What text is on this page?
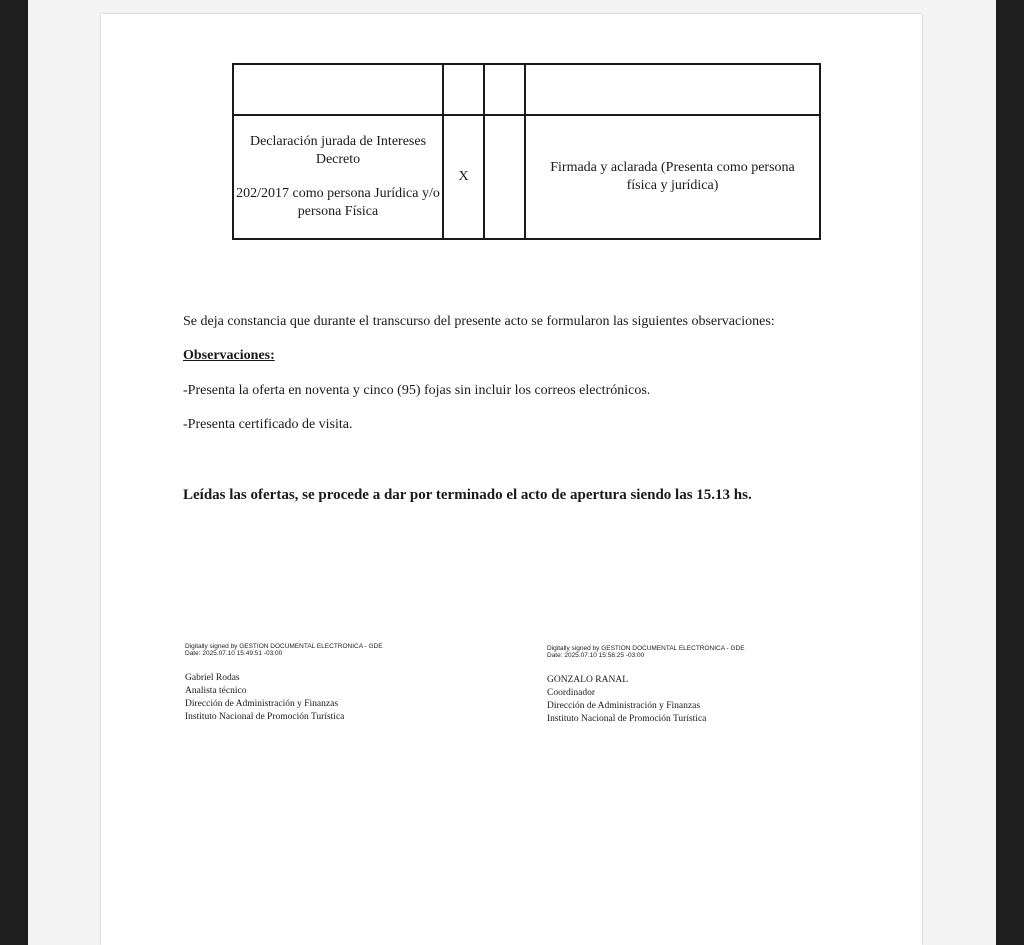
Declaración jurada de Intereses Decreto

202/2017 como persona Jurídica y/o persona Física	X		Firmada y aclarada (Presenta como persona física y jurídica)

Se deja constancia que durante el transcurso del presente acto se formularon las siguientes observaciones:

Observaciones:

-Presenta la oferta en noventa y cinco (95) fojas sin incluir los correos electrónicos.

-Presenta certificado de visita.

Leídas las ofertas, se procede a dar por terminado el acto de apertura siendo las 15.13 hs.

Digitally signed by GESTION DOCUMENTAL ELECTRONICA - GDE
Date: 2025.07.10 15:49:51 -03:00
Gabriel Rodas
Analista técnico
Dirección de Administración y Finanzas
Instituto Nacional de Promoción Turística
Digitally signed by GESTION DOCUMENTAL ELECTRONICA - GDE
Date: 2025.07.10 15:56:25 -03:00
GONZALO RANAL
Coordinador
Dirección de Administración y Finanzas
Instituto Nacional de Promoción Turística
